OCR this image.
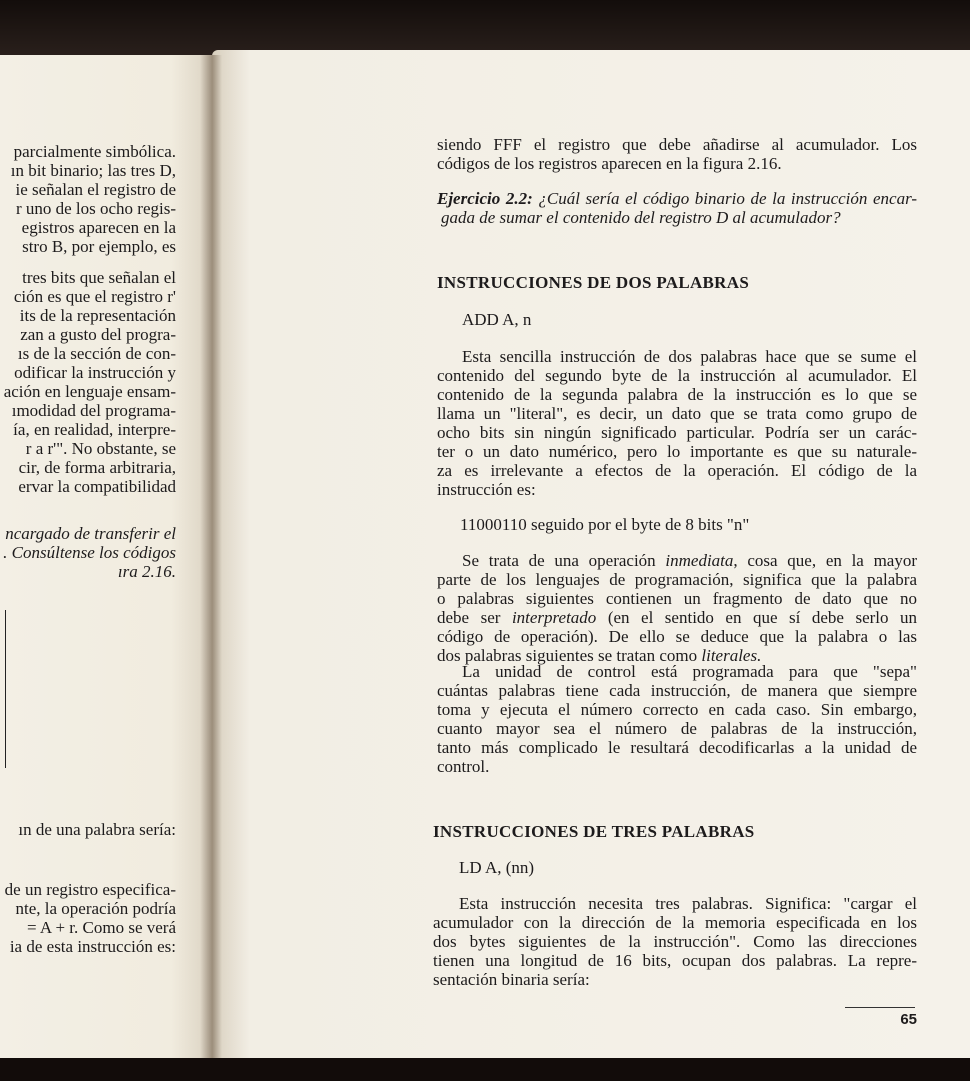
parcialmente simbólica.
ın bit binario; las tres D,
ie señalan el registro de
r uno de los ocho regis-
egistros aparecen en la
stro B, por ejemplo, es
tres bits que señalan el
ción es que el registro r'
its de la representación
zan a gusto del progra-
ıs de la sección de con-
odificar la instrucción y
ación en lenguaje ensam-
ımodidad del programa-
ía, en realidad, interpre-
r a r'". No obstante, se
cir, de forma arbitraria,
ervar la compatibilidad
ncargado de transferir el
. Consúltense los códigos
ıra 2.16.
ın de una palabra sería:
de un registro especifica-
nte, la operación podría
= A + r. Como se verá
ia de esta instrucción es:
siendo FFF el registro que debe añadirse al acumulador. Los
códigos de los registros aparecen en la figura 2.16.
Ejercicio 2.2: ¿Cuál sería el código binario de la instrucción encar-
gada de sumar el contenido del registro D al acumulador?
INSTRUCCIONES DE DOS PALABRAS
ADD A, n
Esta sencilla instrucción de dos palabras hace que se sume el
contenido del segundo byte de la instrucción al acumulador. El
contenido de la segunda palabra de la instrucción es lo que se
llama un "literal", es decir, un dato que se trata como grupo de
ocho bits sin ningún significado particular. Podría ser un carác-
ter o un dato numérico, pero lo importante es que su naturale-
za es irrelevante a efectos de la operación. El código de la
instrucción es:
11000110 seguido por el byte de 8 bits "n"
Se trata de una operación inmediata, cosa que, en la mayor
parte de los lenguajes de programación, significa que la palabra
o palabras siguientes contienen un fragmento de dato que no
debe ser interpretado (en el sentido en que sí debe serlo un
código de operación). De ello se deduce que la palabra o las
dos palabras siguientes se tratan como literales.
La unidad de control está programada para que "sepa"
cuántas palabras tiene cada instrucción, de manera que siempre
toma y ejecuta el número correcto en cada caso. Sin embargo,
cuanto mayor sea el número de palabras de la instrucción,
tanto más complicado le resultará decodificarlas a la unidad de
control.
INSTRUCCIONES DE TRES PALABRAS
LD A, (nn)
Esta instrucción necesita tres palabras. Significa: "cargar el
acumulador con la dirección de la memoria especificada en los
dos bytes siguientes de la instrucción". Como las direcciones
tienen una longitud de 16 bits, ocupan dos palabras. La repre-
sentación binaria sería:
65
